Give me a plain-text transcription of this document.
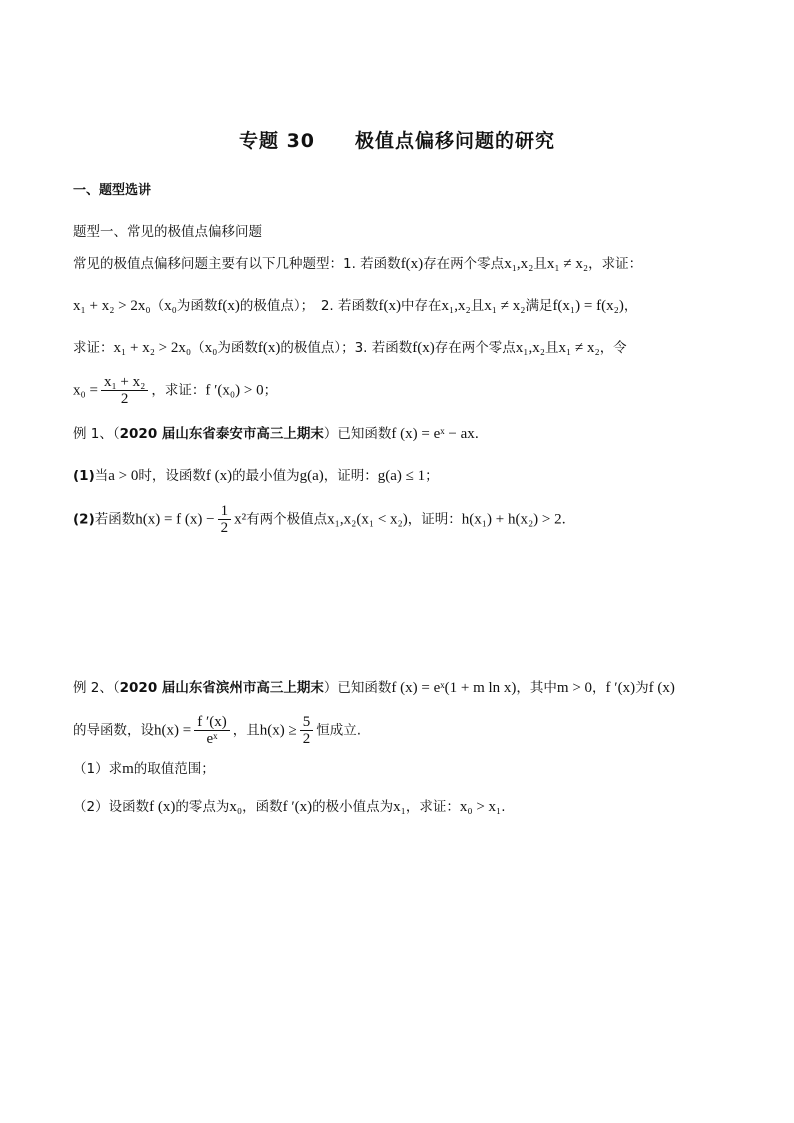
专题 30 极值点偏移问题的研究
一、题型选讲
题型一、常见的极值点偏移问题
常见的极值点偏移问题主要有以下几种题型：1. 若函数f(x)存在两个零点x₁,x₂且x₁ ≠ x₂，求证：
x₁ + x₂ > 2x₀（x₀为函数f(x)的极值点）；　2. 若函数f(x)中存在x₁,x₂且x₁ ≠ x₂满足f(x₁) = f(x₂)，
求证：x₁ + x₂ > 2x₀（x₀为函数f(x)的极值点）；3. 若函数f(x)存在两个零点x₁,x₂且x₁ ≠ x₂，令
$x_0 = \frac{\text{x₁ + x₂}}{2}$ ，求证：f ′(x₀) > 0；
例 1、（2020 届山东省泰安市高三上期末）已知函数f (x) = eˣ − ax．
(1)当a > 0时，设函数f (x)的最小值为g(a)，证明：g(a) ≤ 1；
(2)若函数h(x) = f $(x) - \frac{1}{2} x^2$有两个极值点x₁,x₂(x₁ < x₂)，证明：h(x₁) + h(x₂) > 2．
例 2、（2020 届山东省滨州市高三上期末）已知函数f (x) = eˣ(1 + m ln x)，其中m > 0，f ′(x)为f (x)
的导函数，设$h(x) = \frac{f '(x)}{\text{eˣ}}$ ，且$h(x) \ge \frac{5}{2}$ 恒成立.
（1）求m的取值范围；
（2）设函数f (x)的零点为x₀，函数f ′(x)的极小值点为x₁，求证：x₀ > x₁.
